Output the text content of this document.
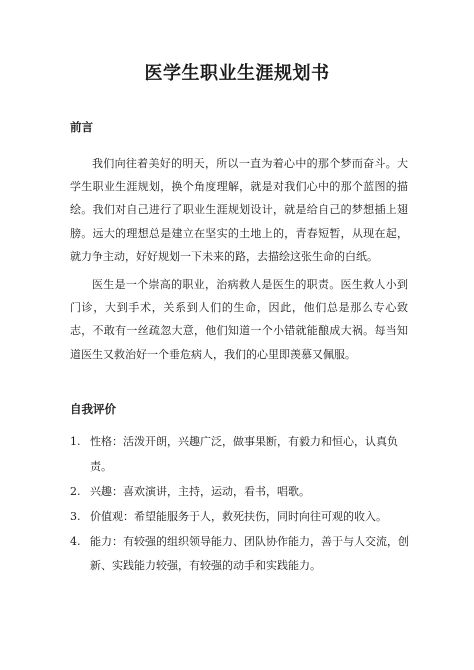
医学生职业生涯规划书
前言

我们向往着美好的明天，所以一直为着心中的那个梦而奋斗。大学生职业生涯规划，换个角度理解，就是对我们心中的那个蓝图的描绘。我们对自己进行了职业生涯规划设计，就是给自己的梦想插上翅膀。远大的理想总是建立在坚实的土地上的，青春短暂，从现在起，就力争主动，好好规划一下未来的路，去描绘这张生命的白纸。

医生是一个崇高的职业，治病救人是医生的职责。医生救人小到门诊，大到手术，关系到人们的生命，因此，他们总是那么专心致志，不敢有一丝疏忽大意，他们知道一个小错就能酿成大祸。每当知道医生又救治好一个垂危病人，我们的心里即羡慕又佩服。

自我评价
1. 性格：活泼开朗，兴趣广泛，做事果断，有毅力和恒心，认真负责。
2. 兴趣：喜欢演讲，主持，运动，看书，唱歌。
3. 价值观：希望能服务于人，救死扶伤，同时向往可观的收入。
4. 能力：有较强的组织领导能力、团队协作能力，善于与人交流，创新、实践能力较强，有较强的动手和实践能力。
